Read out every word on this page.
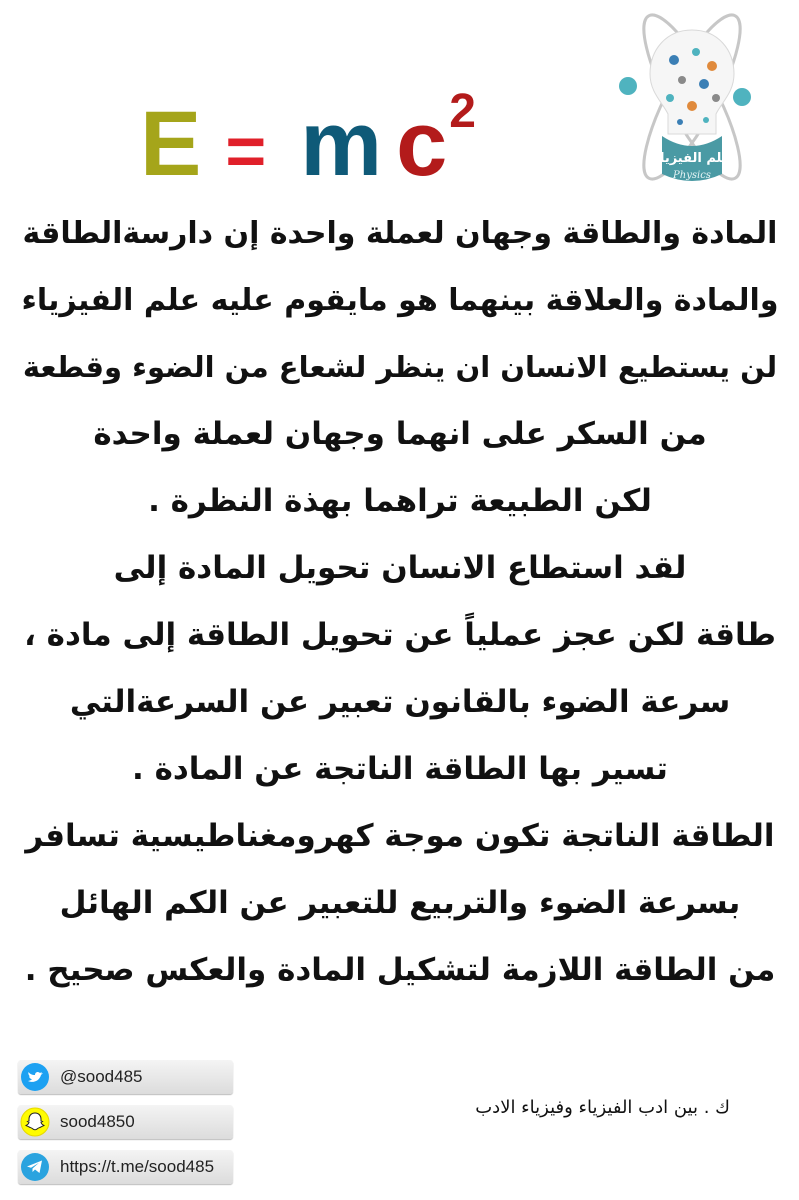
E = m $c^2$
علم الفيزياء
Physics
المادة والطاقة وجهان لعملة واحدة إن دارسةالطاقة
والمادة والعلاقة بينهما هو مايقوم عليه علم الفيزياء
لن يستطيع الانسان ان ينظر لشعاع من الضوء وقطعة
من السكر على انهما وجهان لعملة واحدة
لكن الطبيعة تراهما بهذة النظرة .
لقد استطاع الانسان تحويل المادة إلى
طاقة لكن عجز عملياً عن تحويل الطاقة إلى مادة ،
سرعة الضوء بالقانون تعبير عن السرعةالتي
تسير بها الطاقة الناتجة عن المادة .
الطاقة الناتجة تكون موجة كهرومغناطيسية تسافر
بسرعة الضوء والتربيع للتعبير عن الكم الهائل
من الطاقة اللازمة لتشكيل المادة والعكس صحيح .
@sood485
sood4850
https://t.me/sood485
ك . بين ادب الفيزياء وفيزياء الادب
